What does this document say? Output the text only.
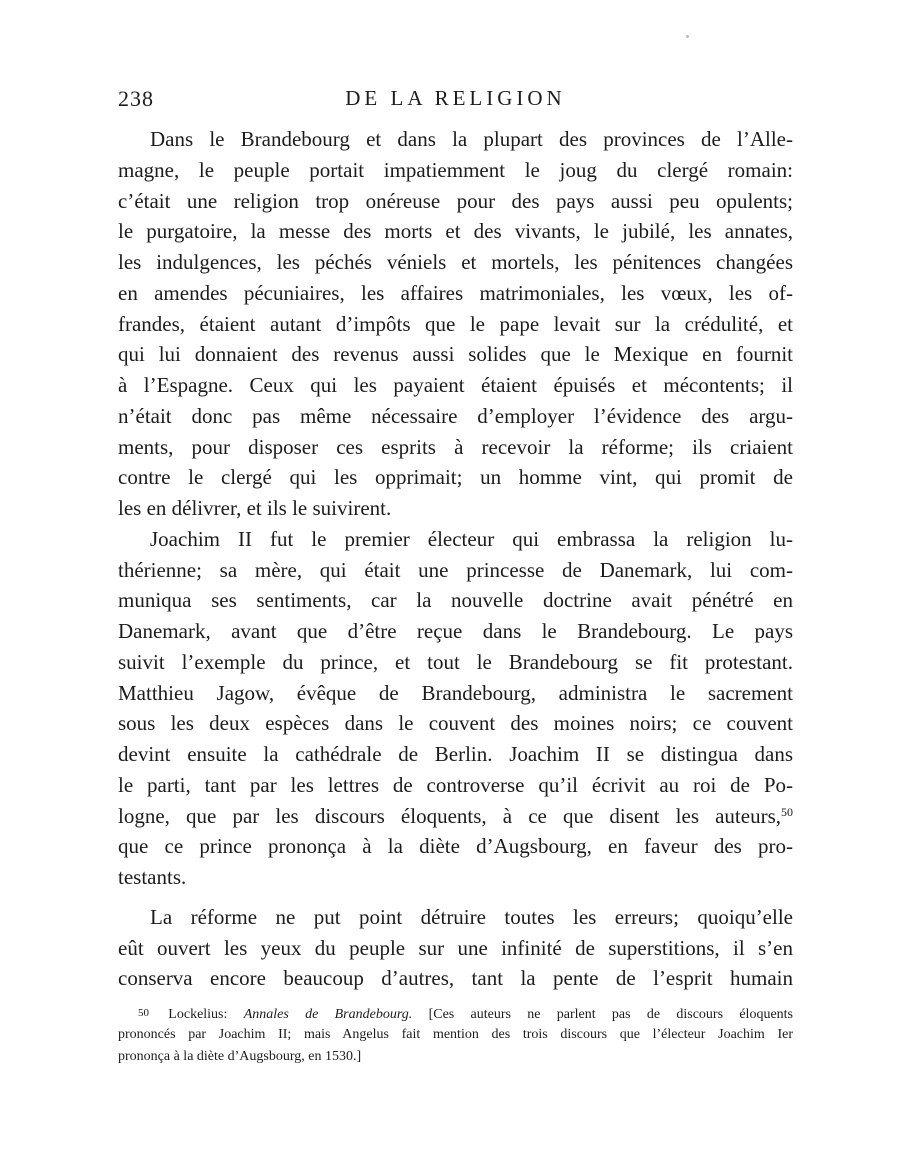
238	DE LA RELIGION
Dans le Brandebourg et dans la plupart des provinces de l’Alle-
magne, le peuple portait impatiemment le joug du clergé romain:
c’était une religion trop onéreuse pour des pays aussi peu opulents;
le purgatoire, la messe des morts et des vivants, le jubilé, les annates,
les indulgences, les péchés véniels et mortels, les pénitences changées
en amendes pécuniaires, les affaires matrimoniales, les vœux, les of-
frandes, étaient autant d’impôts que le pape levait sur la crédulité, et
qui lui donnaient des revenus aussi solides que le Mexique en fournit
à l’Espagne. Ceux qui les payaient étaient épuisés et mécontents; il
n’était donc pas même nécessaire d’employer l’évidence des argu-
ments, pour disposer ces esprits à recevoir la réforme; ils criaient
contre le clergé qui les opprimait; un homme vint, qui promit de
les en délivrer, et ils le suivirent.
Joachim II fut le premier électeur qui embrassa la religion lu-
thérienne; sa mère, qui était une princesse de Danemark, lui com-
muniqua ses sentiments, car la nouvelle doctrine avait pénétré en
Danemark, avant que d’être reçue dans le Brandebourg. Le pays
suivit l’exemple du prince, et tout le Brandebourg se fit protestant.
Matthieu Jagow, évêque de Brandebourg, administra le sacrement
sous les deux espèces dans le couvent des moines noirs; ce couvent
devint ensuite la cathédrale de Berlin. Joachim II se distingua dans
le parti, tant par les lettres de controverse qu’il écrivit au roi de Po-
logne, que par les discours éloquents, à ce que disent les auteurs,$^{50}$
que ce prince prononça à la diète d’Augsbourg, en faveur des pro-
testants.
La réforme ne put point détruire toutes les erreurs; quoiqu’elle
eût ouvert les yeux du peuple sur une infinité de superstitions, il s’en
conserva encore beaucoup d’autres, tant la pente de l’esprit humain
50 Lockelius: Annales de Brandebourg. [Ces auteurs ne parlent pas de discours éloquents
prononcés par Joachim II; mais Angelus fait mention des trois discours que l’électeur Joachim Ier
prononça à la diète d’Augsbourg, en 1530.]
